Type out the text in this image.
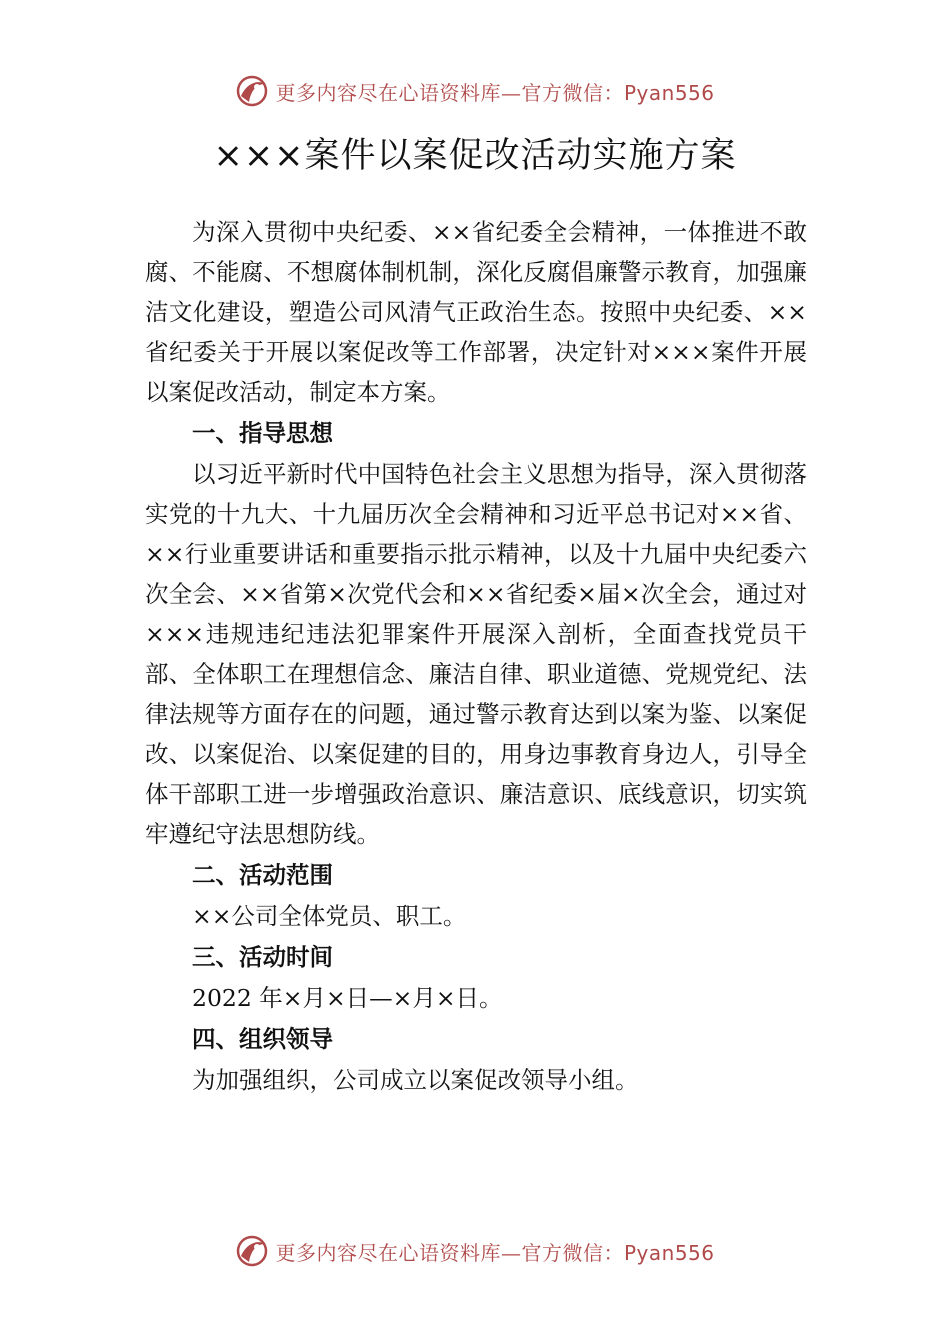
更多内容尽在心语资料库—官方微信：Pyan556
×××案件以案促改活动实施方案

为深入贯彻中央纪委、××省纪委全会精神，一体推进不敢腐、不能腐、不想腐体制机制，深化反腐倡廉警示教育，加强廉洁文化建设，塑造公司风清气正政治生态。按照中央纪委、××省纪委关于开展以案促改等工作部署，决定针对×××案件开展以案促改活动，制定本方案。

一、指导思想

以习近平新时代中国特色社会主义思想为指导，深入贯彻落实党的十九大、十九届历次全会精神和习近平总书记对××省、××行业重要讲话和重要指示批示精神，以及十九届中央纪委六次全会、××省第×次党代会和××省纪委×届×次全会，通过对×××违规违纪违法犯罪案件开展深入剖析，全面查找党员干部、全体职工在理想信念、廉洁自律、职业道德、党规党纪、法律法规等方面存在的问题，通过警示教育达到以案为鉴、以案促改、以案促治、以案促建的目的，用身边事教育身边人，引导全体干部职工进一步增强政治意识、廉洁意识、底线意识，切实筑牢遵纪守法思想防线。

二、活动范围

××公司全体党员、职工。

三、活动时间

2022 年×月×日—×月×日。

四、组织领导

为加强组织，公司成立以案促改领导小组。

更多内容尽在心语资料库—官方微信：Pyan556
